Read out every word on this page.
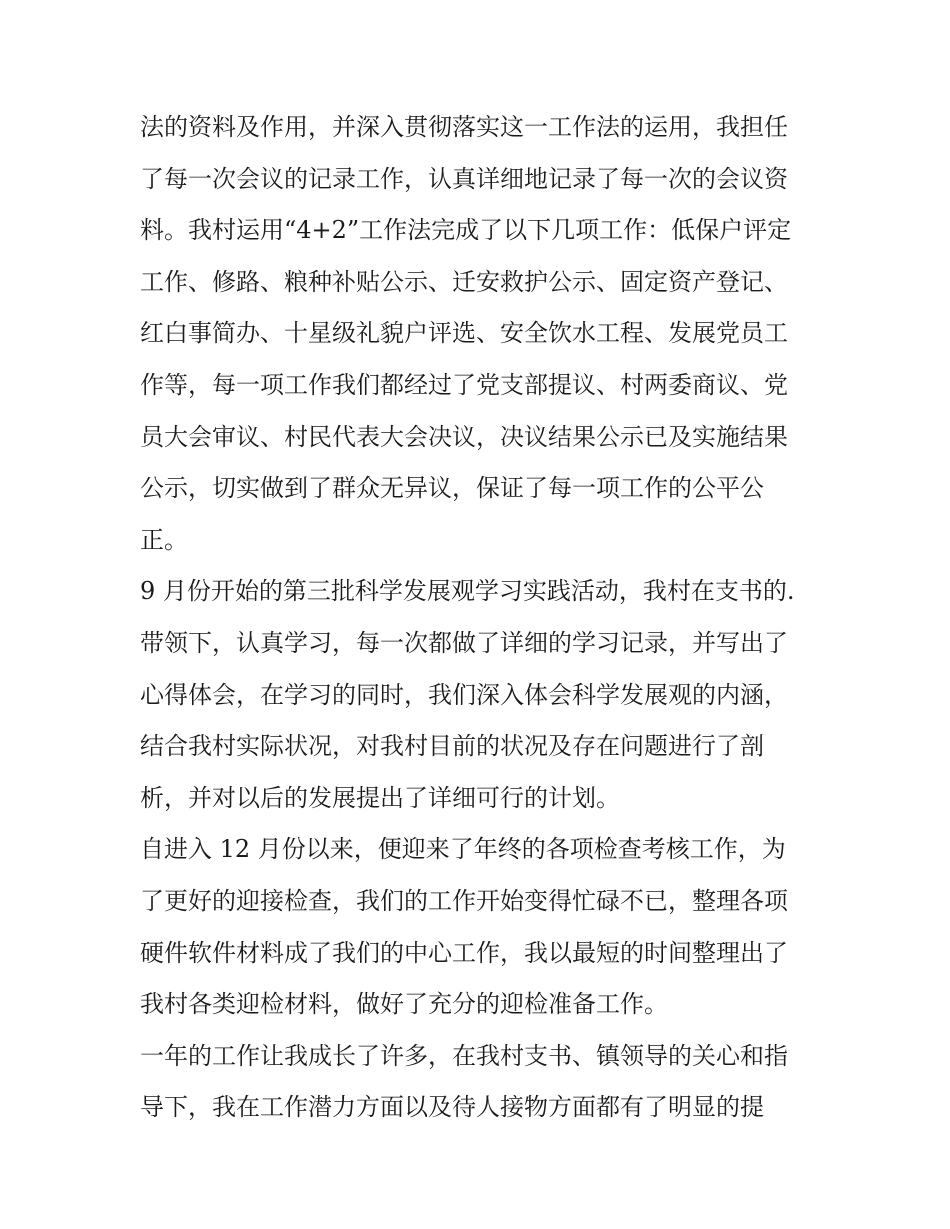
法的资料及作用，并深入贯彻落实这一工作法的运用，我担任
了每一次会议的记录工作，认真详细地记录了每一次的会议资
料。我村运用“4+2”工作法完成了以下几项工作：低保户评定
工作、修路、粮种补贴公示、迁安救护公示、固定资产登记、
红白事简办、十星级礼貌户评选、安全饮水工程、发展党员工
作等，每一项工作我们都经过了党支部提议、村两委商议、党
员大会审议、村民代表大会决议，决议结果公示已及实施结果
公示，切实做到了群众无异议，保证了每一项工作的公平公
正。
9 月份开始的第三批科学发展观学习实践活动，我村在支书的.
带领下，认真学习，每一次都做了详细的学习记录，并写出了
心得体会，在学习的同时，我们深入体会科学发展观的内涵，
结合我村实际状况，对我村目前的状况及存在问题进行了剖
析，并对以后的发展提出了详细可行的计划。
自进入 12 月份以来，便迎来了年终的各项检查考核工作，为
了更好的迎接检查，我们的工作开始变得忙碌不已，整理各项
硬件软件材料成了我们的中心工作，我以最短的时间整理出了
我村各类迎检材料，做好了充分的迎检准备工作。
一年的工作让我成长了许多，在我村支书、镇领导的关心和指
导下，我在工作潜力方面以及待人接物方面都有了明显的提
